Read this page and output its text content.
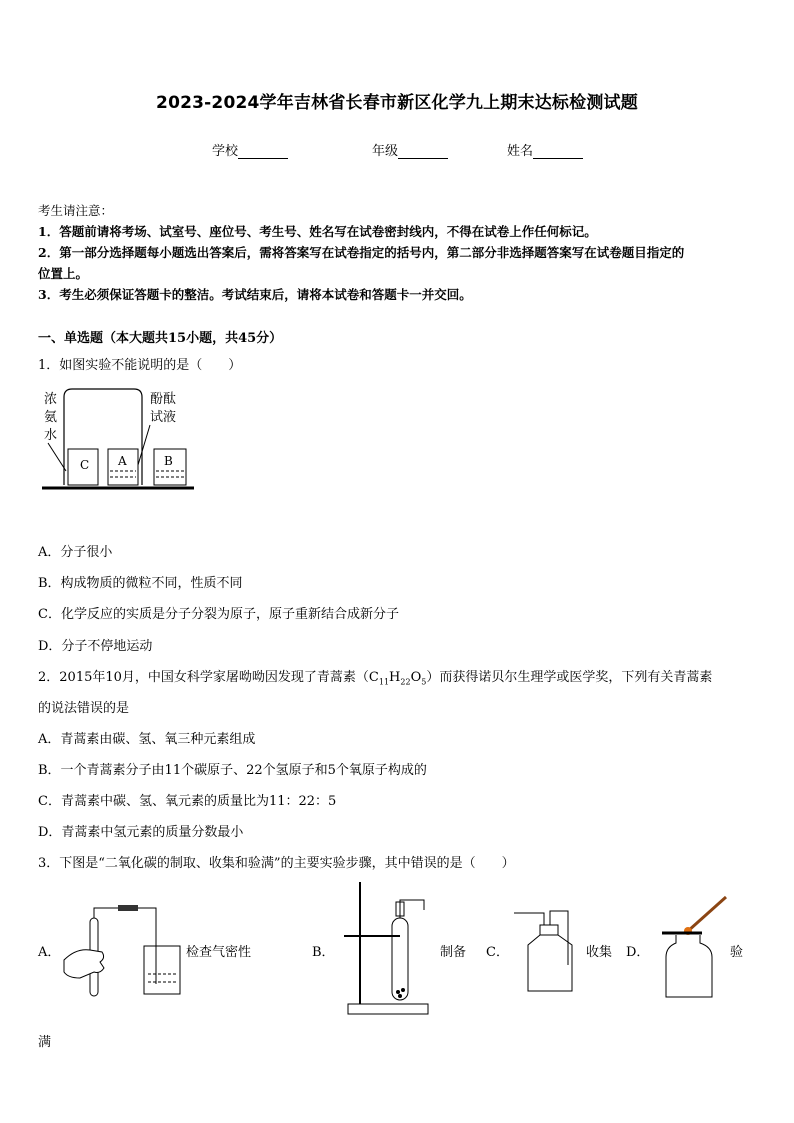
2023-2024学年吉林省长春市新区化学九上期末达标检测试题
学校	年级	姓名
考生请注意：
1．答题前请将考场、试室号、座位号、考生号、姓名写在试卷密封线内，不得在试卷上作任何标记。
2．第一部分选择题每小题选出答案后，需将答案写在试卷指定的括号内，第二部分非选择题答案写在试卷题目指定的
位置上。
3．考生必须保证答题卡的整洁。考试结束后，请将本试卷和答题卡一并交回。
一、单选题（本大题共15小题，共45分）
1．如图实验不能说明的是（　　）
浓
氨
水
酚酞
试液
C A	B
A．分子很小
B．构成物质的微粒不同，性质不同
C．化学反应的实质是分子分裂为原子，原子重新结合成新分子
D．分子不停地运动
2．2015年10月，中国女科学家屠呦呦因发现了青蒿素$(C_{11}H_{22}O_5)$而获得诺贝尔生理学或医学奖，下列有关青蒿素
的说法错误的是
A．青蒿素由碳、氢、氧三种元素组成
B．一个青蒿素分子由11个碳原子、22个氢原子和5个氧原子构成的
C．青蒿素中碳、氢、氧元素的质量比为11：22：5
D．青蒿素中氢元素的质量分数最小
3．下图是“二氧化碳的制取、收集和验满”的主要实验步骤，其中错误的是（　　）
A．	检查气密性	B．	制备 C．	收集 D．	验
满
